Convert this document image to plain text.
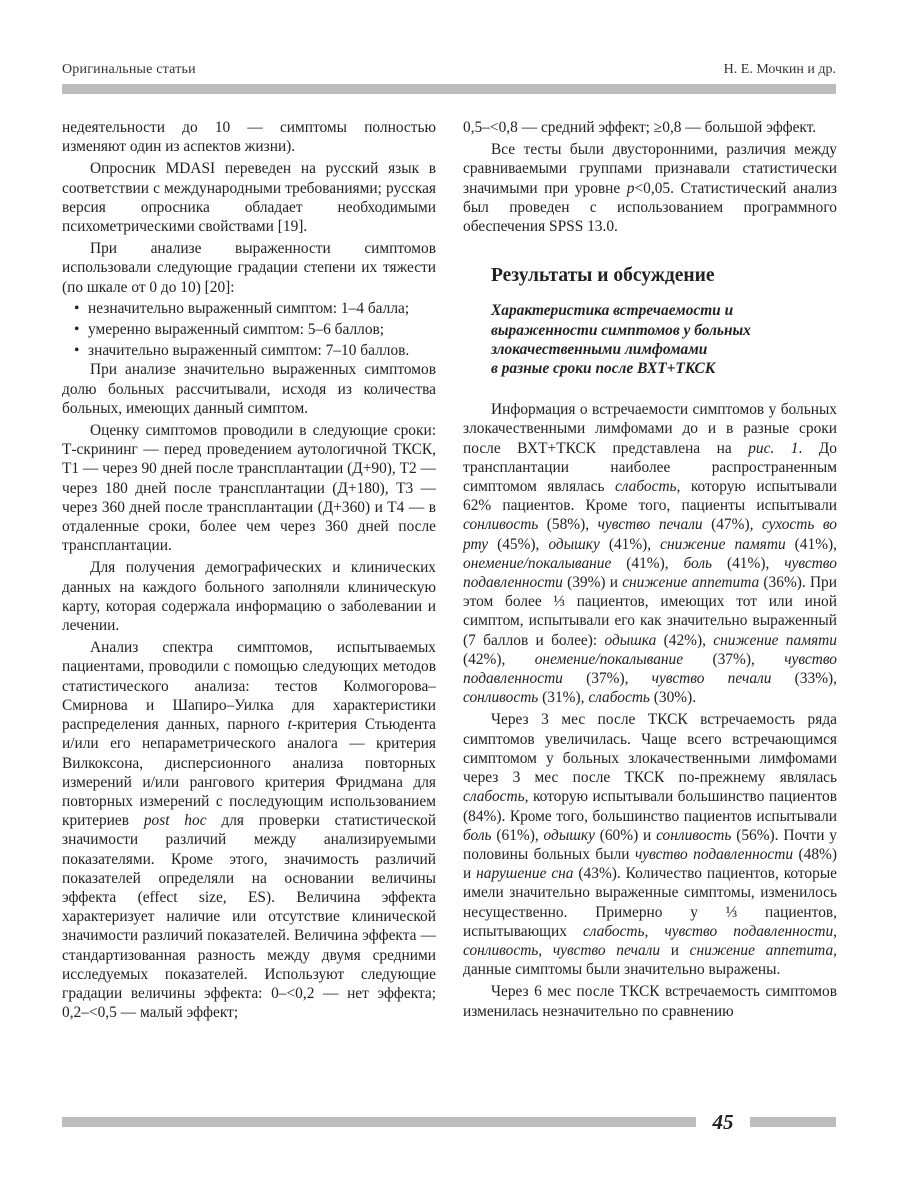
Оригинальные статьи	Н. Е. Мочкин и др.

недеятельности до 10 — симптомы полностью изменяют один из аспектов жизни).

Опросник MDASI переведен на русский язык в соответствии с международными требованиями; русская версия опросника обладает необходимыми психометрическими свойствами [19].

При анализе выраженности симптомов использовали следующие градации степени их тяжести (по шкале от 0 до 10) [20]:

• незначительно выраженный симптом: 1–4 балла;
• умеренно выраженный симптом: 5–6 баллов;
• значительно выраженный симптом: 7–10 баллов.

При анализе значительно выраженных симптомов долю больных рассчитывали, исходя из количества больных, имеющих данный симптом.

Оценку симптомов проводили в следующие сроки: Т-скрининг — перед проведением аутологичной ТКСК, Т1 — через 90 дней после трансплантации (Д+90), Т2 — через 180 дней после трансплантации (Д+180), Т3 — через 360 дней после трансплантации (Д+360) и Т4 — в отдаленные сроки, более чем через 360 дней после трансплантации.

Для получения демографических и клинических данных на каждого больного заполняли клиническую карту, которая содержала информацию о заболевании и лечении.

Анализ спектра симптомов, испытываемых пациентами, проводили с помощью следующих методов статистического анализа: тестов Колмогорова–Смирнова и Шапиро–Уилка для характеристики распределения данных, парного t-критерия Стьюдента и/или его непараметрического аналога — критерия Вилкоксона, дисперсионного анализа повторных измерений и/или рангового критерия Фридмана для повторных измерений с последующим использованием критериев post hoc для проверки статистической значимости различий между анализируемыми показателями. Кроме этого, значимость различий показателей определяли на основании величины эффекта (effect size, ES). Величина эффекта характеризует наличие или отсутствие клинической значимости различий показателей. Величина эффекта — стандартизованная разность между двумя средними исследуемых показателей. Используют следующие градации величины эффекта: 0–<0,2 — нет эффекта; 0,2–<0,5 — малый эффект;

0,5–<0,8 — средний эффект; ≥0,8 — большой эффект.

Все тесты были двусторонними, различия между сравниваемыми группами признавали статистически значимыми при уровне p<0,05. Статистический анализ был проведен с использованием программного обеспечения SPSS 13.0.

Результаты и обсуждение
Характеристика встречаемости и
выраженности симптомов у больных
злокачественными лимфомами
в разные сроки после ВХТ+ТКСК

Информация о встречаемости симптомов у больных злокачественными лимфомами до и в разные сроки после ВХТ+ТКСК представлена на рис. 1. До трансплантации наиболее распространенным симптомом являлась слабость, которую испытывали 62% пациентов. Кроме того, пациенты испытывали сонливость (58%), чувство печали (47%), сухость во рту (45%), одышку (41%), снижение памяти (41%), онемение/покалывание (41%), боль (41%), чувство подавленности (39%) и снижение аппетита (36%). При этом более ⅓ пациентов, имеющих тот или иной симптом, испытывали его как значительно выраженный (7 баллов и более): одышка (42%), снижение памяти (42%), онемение/покалывание (37%), чувство подавленности (37%), чувство печали (33%), сонливость (31%), слабость (30%).

Через 3 мес после ТКСК встречаемость ряда симптомов увеличилась. Чаще всего встречающимся симптомом у больных злокачественными лимфомами через 3 мес после ТКСК по-прежнему являлась слабость, которую испытывали большинство пациентов (84%). Кроме того, большинство пациентов испытывали боль (61%), одышку (60%) и сонливость (56%). Почти у половины больных были чувство подавленности (48%) и нарушение сна (43%). Количество пациентов, которые имели значительно выраженные симптомы, изменилось несущественно. Примерно у ⅓ пациентов, испытывающих слабость, чувство подавленности, сонливость, чувство печали и снижение аппетита, данные симптомы были значительно выражены.

Через 6 мес после ТКСК встречаемость симптомов изменилась незначительно по сравнению

45
